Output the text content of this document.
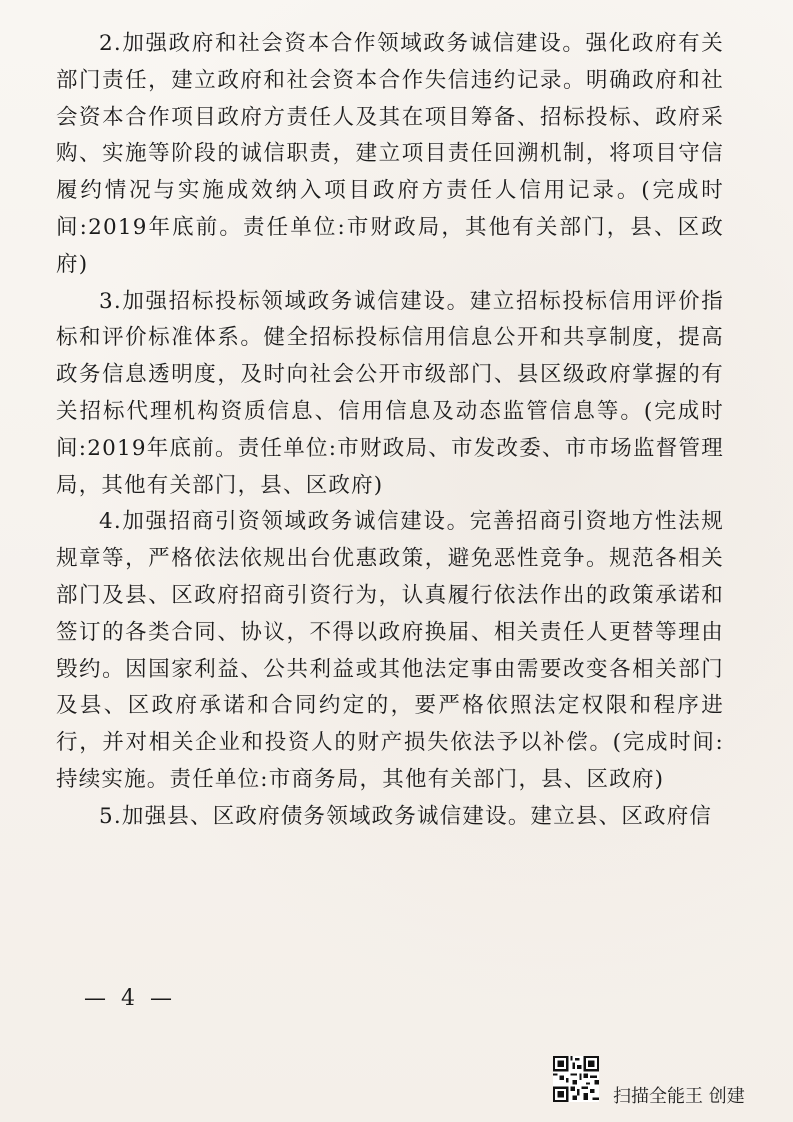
2.加强政府和社会资本合作领域政务诚信建设。强化政府有关部门责任，建立政府和社会资本合作失信违约记录。明确政府和社会资本合作项目政府方责任人及其在项目筹备、招标投标、政府采购、实施等阶段的诚信职责，建立项目责任回溯机制，将项目守信履约情况与实施成效纳入项目政府方责任人信用记录。(完成时间:2019年底前。责任单位:市财政局，其他有关部门，县、区政府)

3.加强招标投标领域政务诚信建设。建立招标投标信用评价指标和评价标准体系。健全招标投标信用信息公开和共享制度，提高政务信息透明度，及时向社会公开市级部门、县区级政府掌握的有关招标代理机构资质信息、信用信息及动态监管信息等。(完成时间:2019年底前。责任单位:市财政局、市发改委、市市场监督管理局，其他有关部门，县、区政府)

4.加强招商引资领域政务诚信建设。完善招商引资地方性法规规章等，严格依法依规出台优惠政策，避免恶性竞争。规范各相关部门及县、区政府招商引资行为，认真履行依法作出的政策承诺和签订的各类合同、协议，不得以政府换届、相关责任人更替等理由毁约。因国家利益、公共利益或其他法定事由需要改变各相关部门及县、区政府承诺和合同约定的，要严格依照法定权限和程序进行，并对相关企业和投资人的财产损失依法予以补偿。(完成时间:持续实施。责任单位:市商务局，其他有关部门，县、区政府)

5.加强县、区政府债务领域政务诚信建设。建立县、区政府信

— 4 —
扫描全能王 创建
